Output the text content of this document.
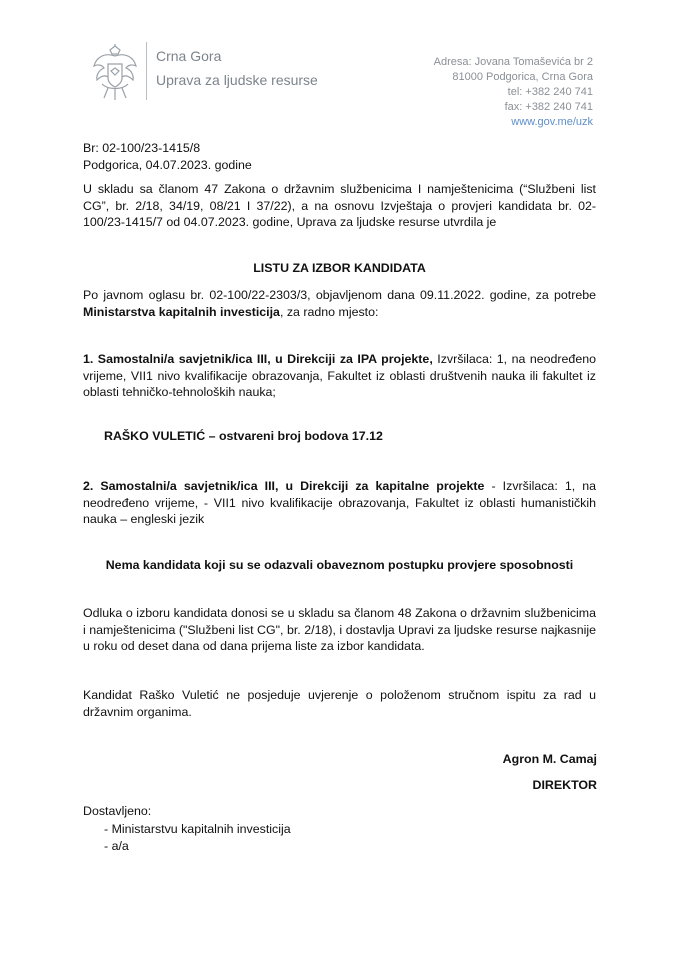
Crna Gora
Uprava za ljudske resurse
Adresa: Jovana Tomaševića br 2
81000 Podgorica, Crna Gora
tel: +382 240 741
fax: +382 240 741
www.gov.me/uzk
Br: 02-100/23-1415/8
Podgorica, 04.07.2023. godine
U skladu sa članom 47 Zakona o državnim službenicima I namještenicima (“Službeni list CG”, br. 2/18, 34/19, 08/21 I 37/22), a na osnovu Izvještaja o provjeri kandidata br. 02-100/23-1415/7 od 04.07.2023. godine, Uprava za ljudske resurse utvrdila je
LISTU ZA IZBOR KANDIDATA
Po javnom oglasu br. 02-100/22-2303/3, objavljenom dana 09.11.2022. godine, za potrebe Ministarstva kapitalnih investicija, za radno mjesto:
1. Samostalni/a savjetnik/ica III, u Direkciji za IPA projekte, Izvršilaca: 1, na neodređeno vrijeme, VII1 nivo kvalifikacije obrazovanja, Fakultet iz oblasti društvenih nauka ili fakultet iz oblasti tehničko-tehnoloških nauka;
RAŠKO VULETIĆ – ostvareni broj bodova 17.12
2. Samostalni/a savjetnik/ica III, u Direkciji za kapitalne projekte - Izvršilaca: 1, na neodređeno vrijeme, - VII1 nivo kvalifikacije obrazovanja, Fakultet iz oblasti humanističkih nauka – engleski jezik
Nema kandidata koji su se odazvali obaveznom postupku provjere sposobnosti
Odluka o izboru kandidata donosi se u skladu sa članom 48 Zakona o državnim službenicima i namještenicima ("Službeni list CG", br. 2/18), i dostavlja Upravi za ljudske resurse najkasnije u roku od deset dana od dana prijema liste za izbor kandidata.
Kandidat Raško Vuletić ne posjeduje uvjerenje o položenom stručnom ispitu za rad u državnim organima.
Agron M. Camaj
DIREKTOR
Dostavljeno:
- Ministarstvu kapitalnih investicija
- a/a
